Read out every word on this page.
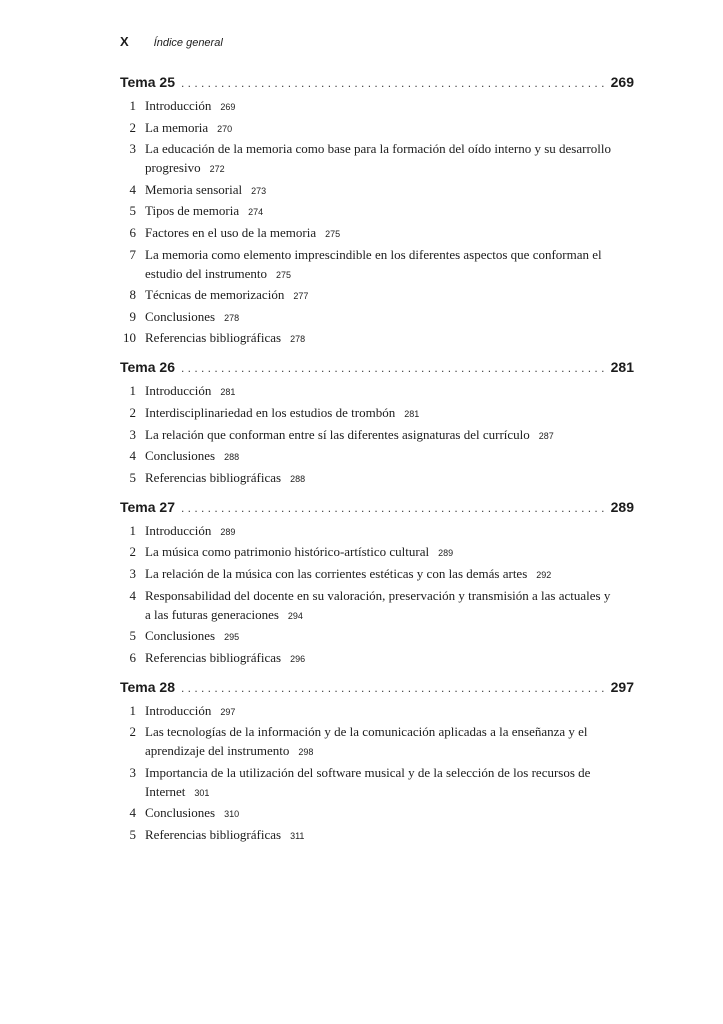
X Índice general
Tema 25 . . .	269
1 Introducción 269
2 La memoria 270
3 La educación de la memoria como base para la formación del oído interno y su desarrollo progresivo 272
4 Memoria sensorial 273
5 Tipos de memoria 274
6 Factores en el uso de la memoria 275
7 La memoria como elemento imprescindible en los diferentes aspectos que conforman el estudio del instrumento 275
8 Técnicas de memorización 277
9 Conclusiones 278
10 Referencias bibliográficas 278
Tema 26 . . .	281
1 Introducción 281
2 Interdisciplinariedad en los estudios de trombón 281
3 La relación que conforman entre sí las diferentes asignaturas del currículo 287
4 Conclusiones 288
5 Referencias bibliográficas 288
Tema 27 . . .	289
1 Introducción 289
2 La música como patrimonio histórico-artístico cultural 289
3 La relación de la música con las corrientes estéticas y con las demás artes 292
4 Responsabilidad del docente en su valoración, preservación y transmisión a las actuales y a las futuras generaciones 294
5 Conclusiones 295
6 Referencias bibliográficas 296
Tema 28 . . .	297
1 Introducción 297
2 Las tecnologías de la información y de la comunicación aplicadas a la enseñanza y el aprendizaje del instrumento 298
3 Importancia de la utilización del software musical y de la selección de los recursos de Internet 301
4 Conclusiones 310
5 Referencias bibliográficas 311
